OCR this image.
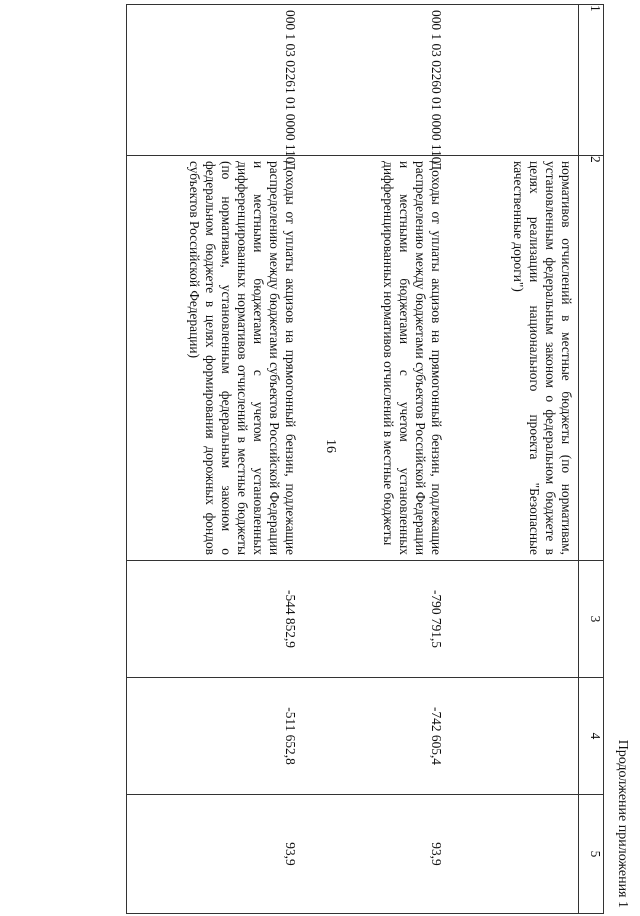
16
Продолжение приложения 1
1	2	3	4	5
	нормативов отчислений в местные бюджеты (по нормативам, установленным федеральным законом о федеральном бюджете в целях реализации национального проекта "Безопасные качественные дороги")			
000 1 03 02260 01 0000 110	Доходы от уплаты акцизов на прямогонный бензин, подлежащие распределению между бюджетами субъектов Российской Федерации и местными бюджетами с учетом установленных дифференцированных нормативов отчислений в местные бюджеты	-790 791,5	-742 605,4	93,9
000 1 03 02261 01 0000 110	Доходы от уплаты акцизов на прямогонный бензин, подлежащие распределению между бюджетами субъектов Российской Федерации и местными бюджетами с учетом установленных дифференцированных нормативов отчислений в местные бюджеты (по нормативам, установленным федеральным законом о федеральном бюджете в целях формирования дорожных фондов субъектов Российской Федерации)	-544 852,9	-511 652,8	93,9
